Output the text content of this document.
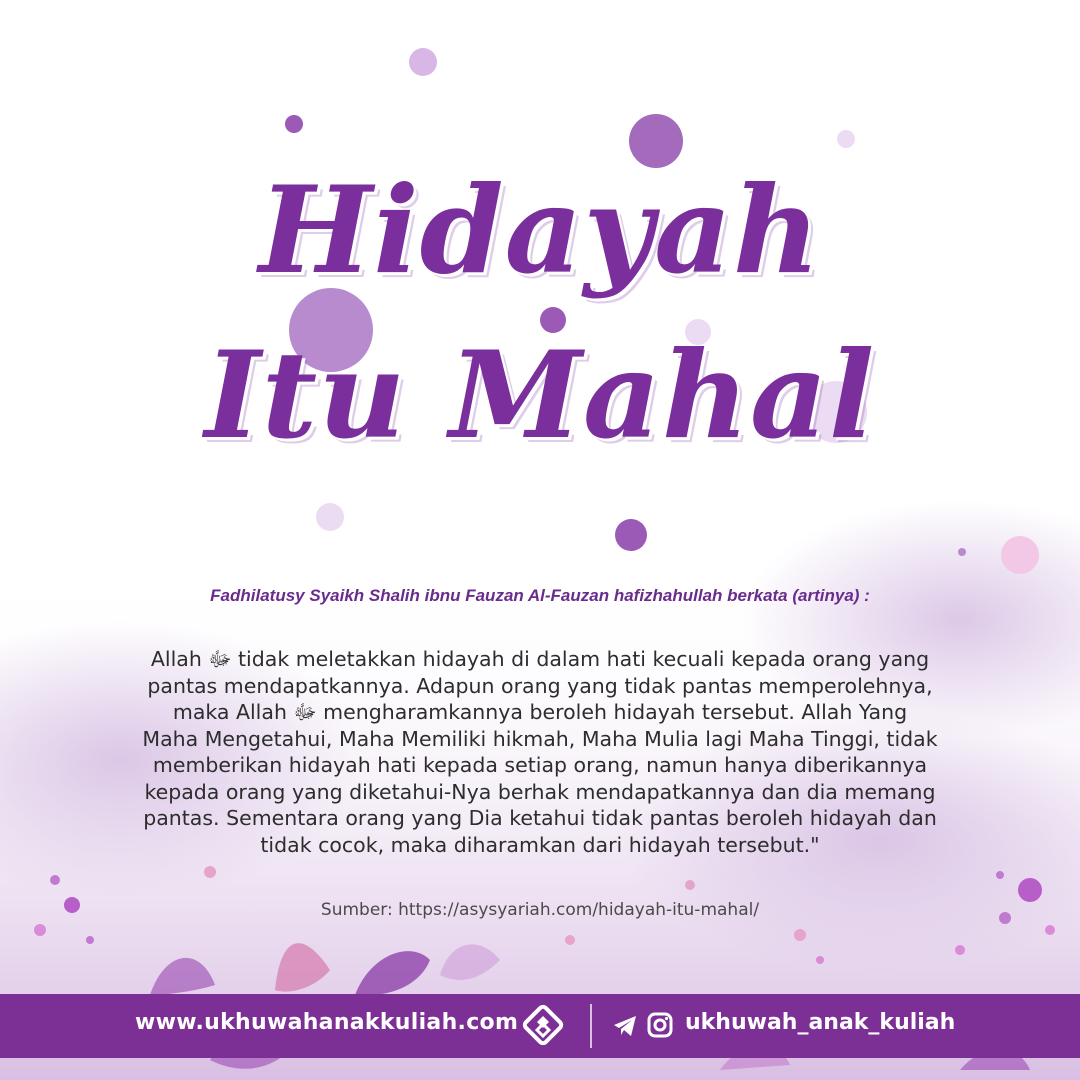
Hidayah
Itu Mahal
Fadhilatusy Syaikh Shalih ibnu Fauzan Al-Fauzan hafizhahullah berkata (artinya) :
Allah ﷻ tidak meletakkan hidayah di dalam hati kecuali kepada orang yang
pantas mendapatkannya. Adapun orang yang tidak pantas memperolehnya,
maka Allah ﷻ mengharamkannya beroleh hidayah tersebut. Allah Yang
Maha Mengetahui, Maha Memiliki hikmah, Maha Mulia lagi Maha Tinggi, tidak
memberikan hidayah hati kepada setiap orang, namun hanya diberikannya
kepada orang yang diketahui-Nya berhak mendapatkannya dan dia memang
pantas. Sementara orang yang Dia ketahui tidak pantas beroleh hidayah dan
tidak cocok, maka diharamkan dari hidayah tersebut."
Sumber: https://asysyariah.com/hidayah-itu-mahal/
www.ukhuwahanakkuliah.com	ukhuwah_anak_kuliah
